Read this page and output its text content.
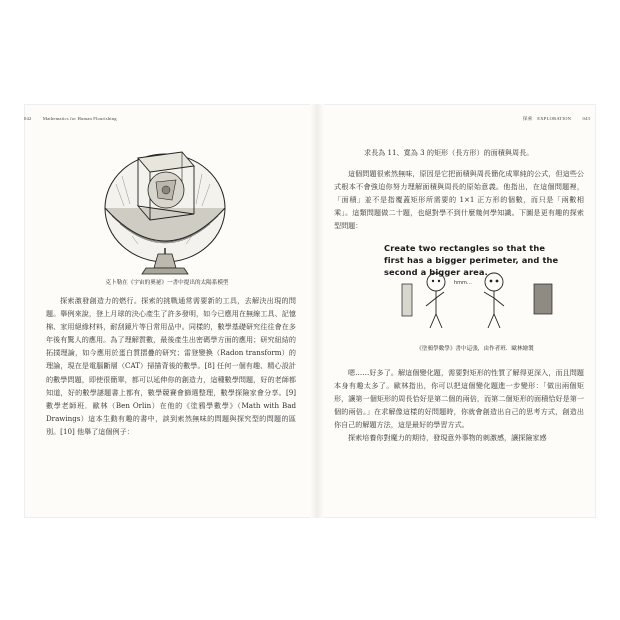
042 Mathematics for Human Flourishing
克卜勒在《宇宙的奧祕》一書中提出的太陽系模型

探索激發創造力的燃行。探索的挑戰通常需要新的工具，去解決出現的問題。舉例來說，登上月球的決心產生了許多發明，如今已應用在無線工具、記憶棉、家用絕緣材料，耐刮鏡片等日常用品中。同樣的，數學基礎研究往往會在多年後有驚人的應用。為了理解質數，最後產生出密碼學方面的應用；研究紐結的拓撲理論，如今應用於蛋白質摺疊的研究；雷登變換（Radon transform）的理論，現在是電腦斷層（CAT）掃描背後的數學。[8] 任何一個有趣、精心設計的數學問題，即使很簡單，都可以延伸你的創造力，這種數學問題，好的老師都知道，好的數學謎題書上都有，數學競賽會篩選整理，數學探險家會分享。[9] 數學老師班．歐林（Ben Orlin）在他的《塗鴉學數學》（Math with Bad Drawings）這本生動有趣的書中，談到索然無味的問題與探究型的問題的區別。[10] 他舉了這個例子：

探索　EXPLORATION 043

求長為 11、寬為 3 的矩形（長方形）的面積與周長。

這個問題很索然無味，原因是它把面積與周長簡化成單純的公式，但這些公式根本不會強迫你努力理解面積與周長的原始意義。他指出，在這個問題裡，「面積」並不是指覆蓋矩形所需要的 1×1 正方形的個數，而只是「兩數相乘」。這類問題做二十題，也絕對學不到什麼幾何學知識。下圖是更有趣的探索型問題：

Create two rectangles so that the first has a bigger perimeter, and the second a bigger area.

hmm…
《塗鴉學數學》書中這張，由作者班．歐林繪製

嗯……好多了。解這個變化題，需要對矩形的性質了解得更深入，而且問題本身有趣太多了。歐林指出，你可以把這個變化題進一步變形：「做出兩個矩形，讓第一個矩形的周長恰好是第二個的兩倍，而第二個矩形的面積恰好是第一個的兩倍。」在求解像這樣的好問題時，你就會創造出自己的思考方式，創造出你自己的解題方法，這是最好的學習方式。

探索培養你對魔力的期待，發現意外事物的刺激感，讓探險家感
